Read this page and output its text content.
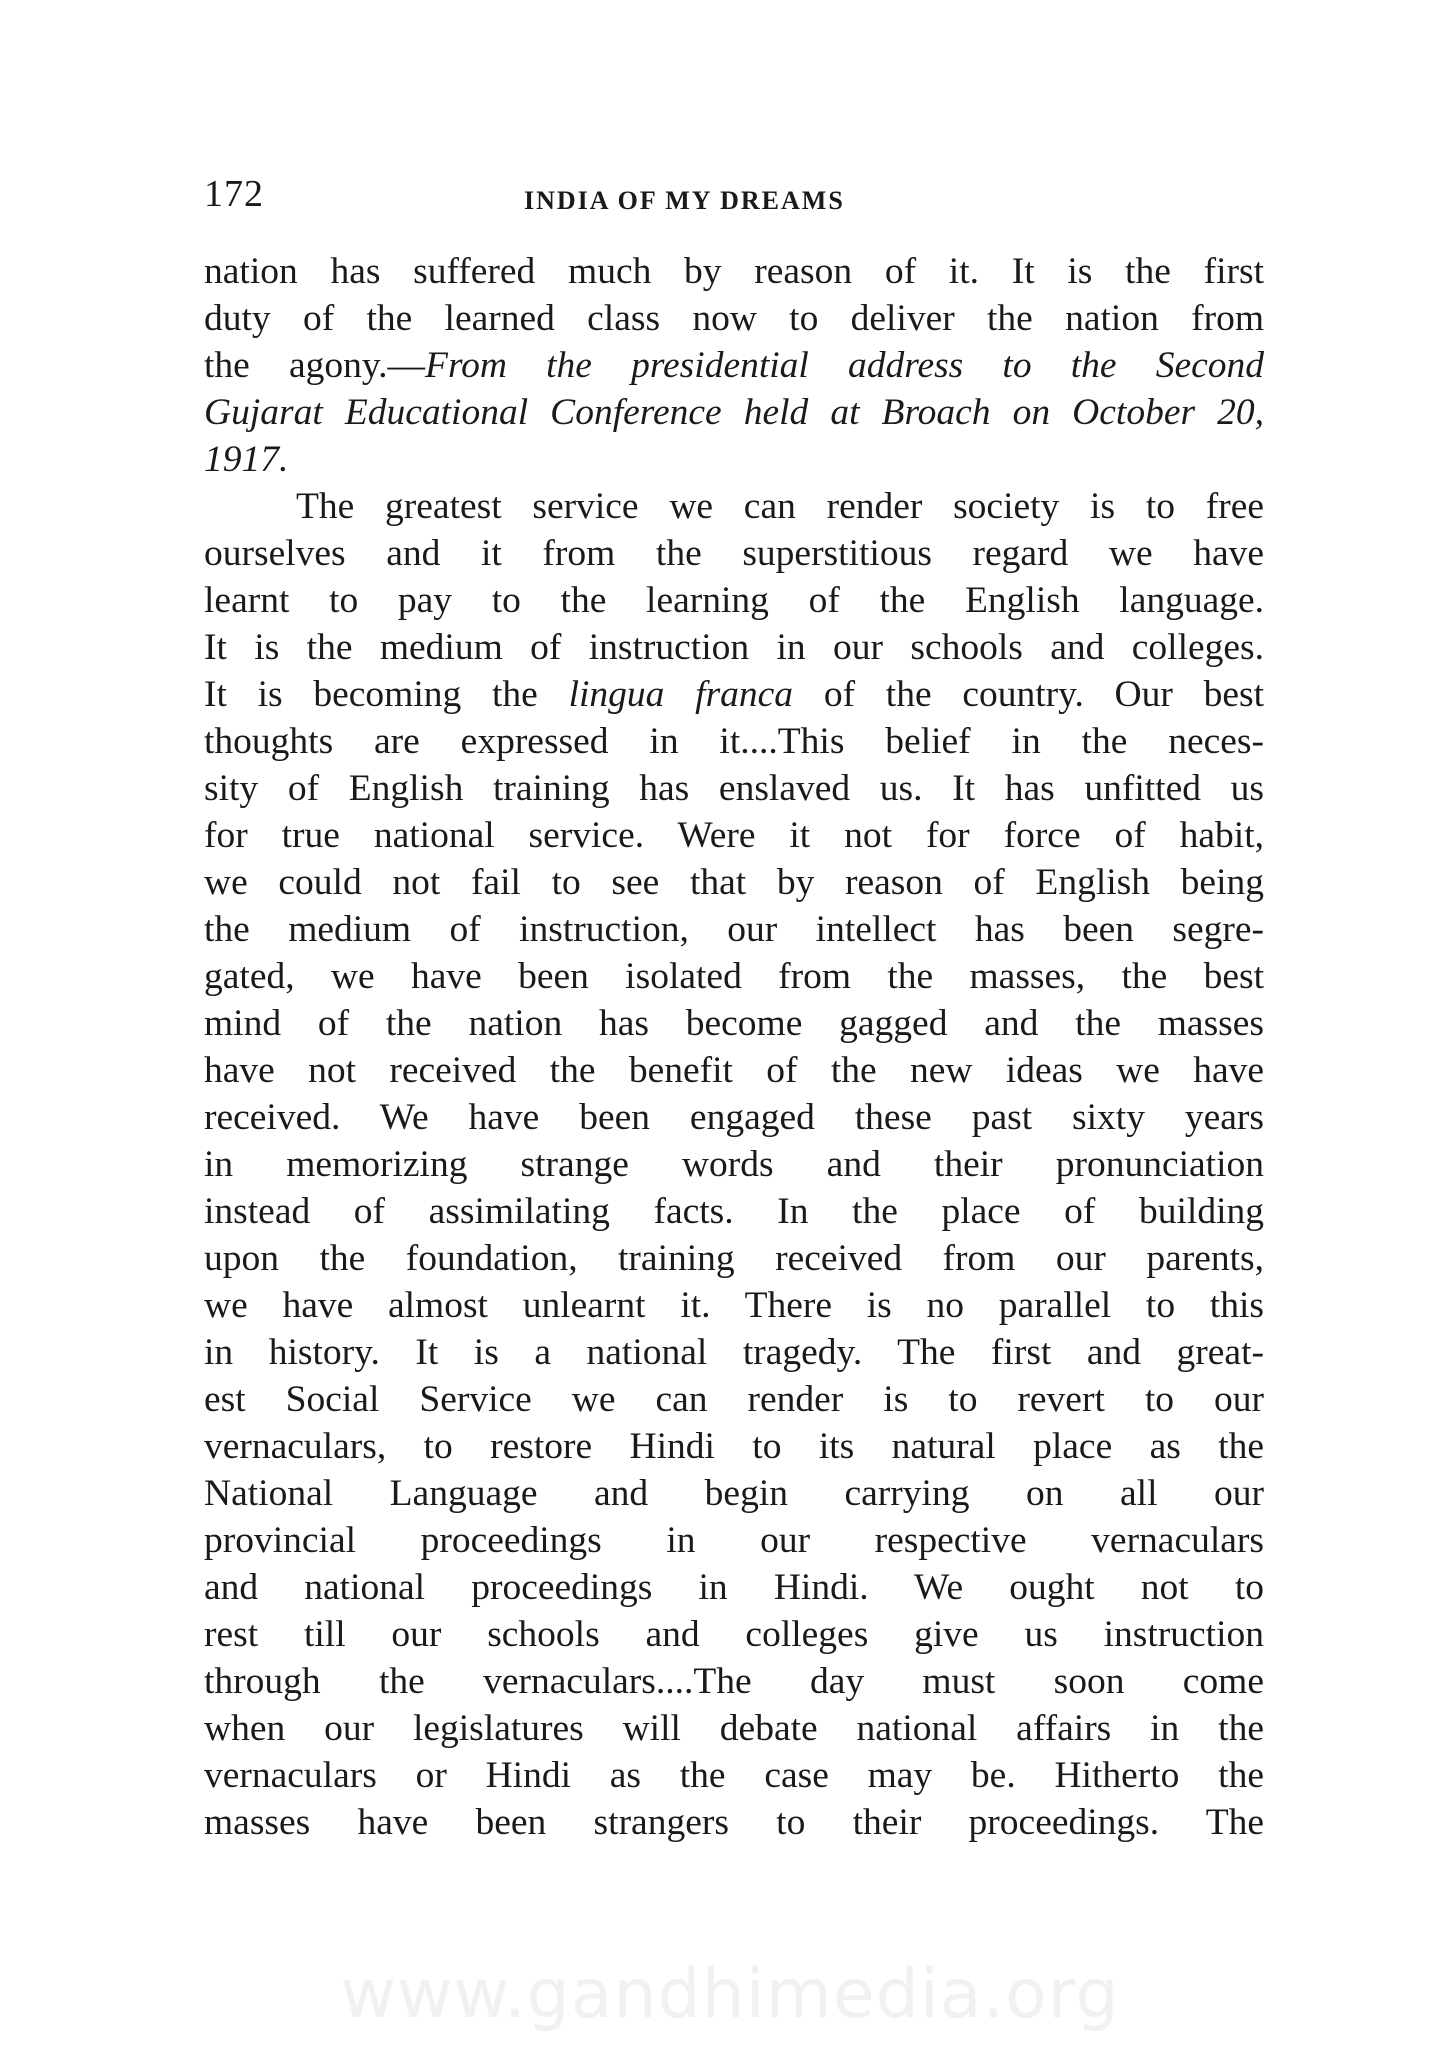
172	INDIA OF MY DREAMS
nation has suffered much by reason of it. It is the first
duty of the learned class now to deliver the nation from
the agony.—From the presidential address to the Second
Gujarat Educational Conference held at Broach on October 20,
1917.
The greatest service we can render society is to free
ourselves and it from the superstitious regard we have
learnt to pay to the learning of the English language.
It is the medium of instruction in our schools and colleges.
It is becoming the lingua franca of the country. Our best
thoughts are expressed in it....This belief in the neces-
sity of English training has enslaved us. It has unfitted us
for true national service. Were it not for force of habit,
we could not fail to see that by reason of English being
the medium of instruction, our intellect has been segre-
gated, we have been isolated from the masses, the best
mind of the nation has become gagged and the masses
have not received the benefit of the new ideas we have
received. We have been engaged these past sixty years
in memorizing strange words and their pronunciation
instead of assimilating facts. In the place of building
upon the foundation, training received from our parents,
we have almost unlearnt it. There is no parallel to this
in history. It is a national tragedy. The first and great-
est Social Service we can render is to revert to our
vernaculars, to restore Hindi to its natural place as the
National Language and begin carrying on all our
provincial proceedings in our respective vernaculars
and national proceedings in Hindi. We ought not to
rest till our schools and colleges give us instruction
through the vernaculars....The day must soon come
when our legislatures will debate national affairs in the
vernaculars or Hindi as the case may be. Hitherto the
masses have been strangers to their proceedings. The
www.gandhimedia.org
